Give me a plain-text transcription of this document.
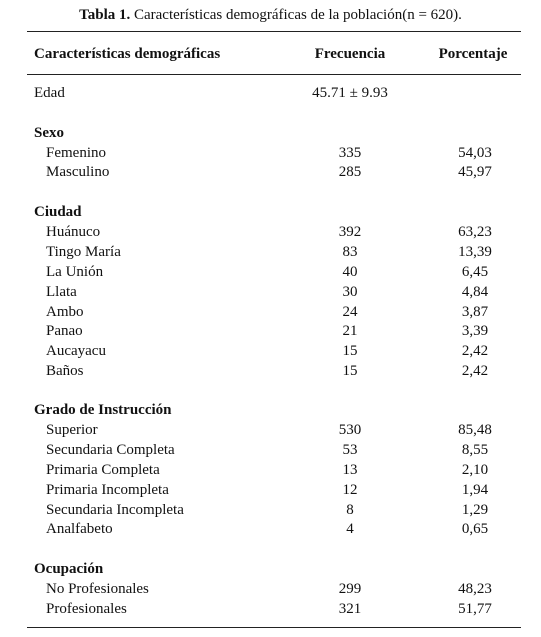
Tabla 1. Características demográficas de la población(n = 620).
Características demográficas	Frecuencia	Porcentaje
Edad	45.71 ± 9.93
Sexo
Femenino	335	54,03
Masculino	285	45,97
Ciudad
Huánuco	392	63,23
Tingo María	83	13,39
La Unión	40	6,45
Llata	30	4,84
Ambo	24	3,87
Panao	21	3,39
Aucayacu	15	2,42
Baños	15	2,42
Grado de Instrucción
Superior	530	85,48
Secundaria Completa	53	8,55
Primaria Completa	13	2,10
Primaria Incompleta	12	1,94
Secundaria Incompleta	8	1,29
Analfabeto	4	0,65
Ocupación
No Profesionales	299	48,23
Profesionales	321	51,77
